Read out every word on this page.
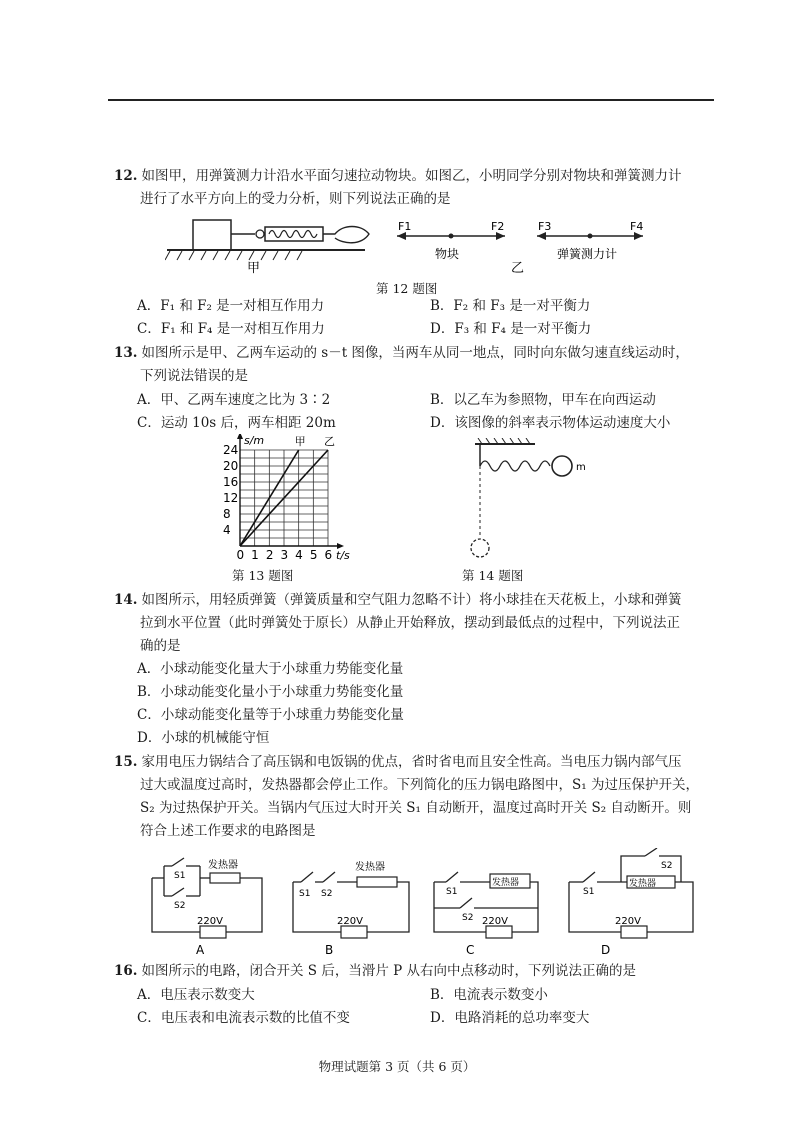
12. 如图甲，用弹簧测力计沿水平面匀速拉动物块。如图乙，小明同学分别对物块和弹簧测力计
进行了水平方向上的受力分析，则下列说法正确的是
甲
F1	F2
物块
F3	F4
弹簧测力计
乙
第 12 题图
A．F₁ 和 F₂ 是一对相互作用力	B．F₂ 和 F₃ 是一对平衡力
C．F₁ 和 F₄ 是一对相互作用力	D．F₃ 和 F₄ 是一对平衡力
13. 如图所示是甲、乙两车运动的 s－t 图像，当两车从同一地点，同时向东做匀速直线运动时，
下列说法错误的是
A．甲、乙两车速度之比为 3∶2	B．以乙车为参照物，甲车在向西运动
C．运动 10s 后，两车相距 20m	D．该图像的斜率表示物体运动速度大小
0 1 2 3 4 5 6
4
8
12
16
20
24
t/s
s/m	甲 乙
第 13 题图
m
第 14 题图
14. 如图所示，用轻质弹簧（弹簧质量和空气阻力忽略不计）将小球挂在天花板上，小球和弹簧
拉到水平位置（此时弹簧处于原长）从静止开始释放，摆动到最低点的过程中，下列说法正
确的是
A．小球动能变化量大于小球重力势能变化量
B．小球动能变化量小于小球重力势能变化量
C．小球动能变化量等于小球重力势能变化量
D．小球的机械能守恒
15. 家用电压力锅结合了高压锅和电饭锅的优点，省时省电而且安全性高。当电压力锅内部气压
过大或温度过高时，发热器都会停止工作。下列简化的压力锅电路图中，S₁ 为过压保护开关，
S₂ 为过热保护开关。当锅内气压过大时开关 S₁ 自动断开，温度过高时开关 S₂ 自动断开。则
符合上述工作要求的电路图是
220V
发热器
S1
S2
A
220V
发热器
S1 S2
B
220V
发热器
S1
S2
C
220V
发热器
S1
S2
D
16. 如图所示的电路，闭合开关 S 后，当滑片 P 从右向中点移动时，下列说法正确的是
A．电压表示数变大	B．电流表示数变小
C．电压表和电流表示数的比值不变	D．电路消耗的总功率变大
物理试题第 3 页（共 6 页）
